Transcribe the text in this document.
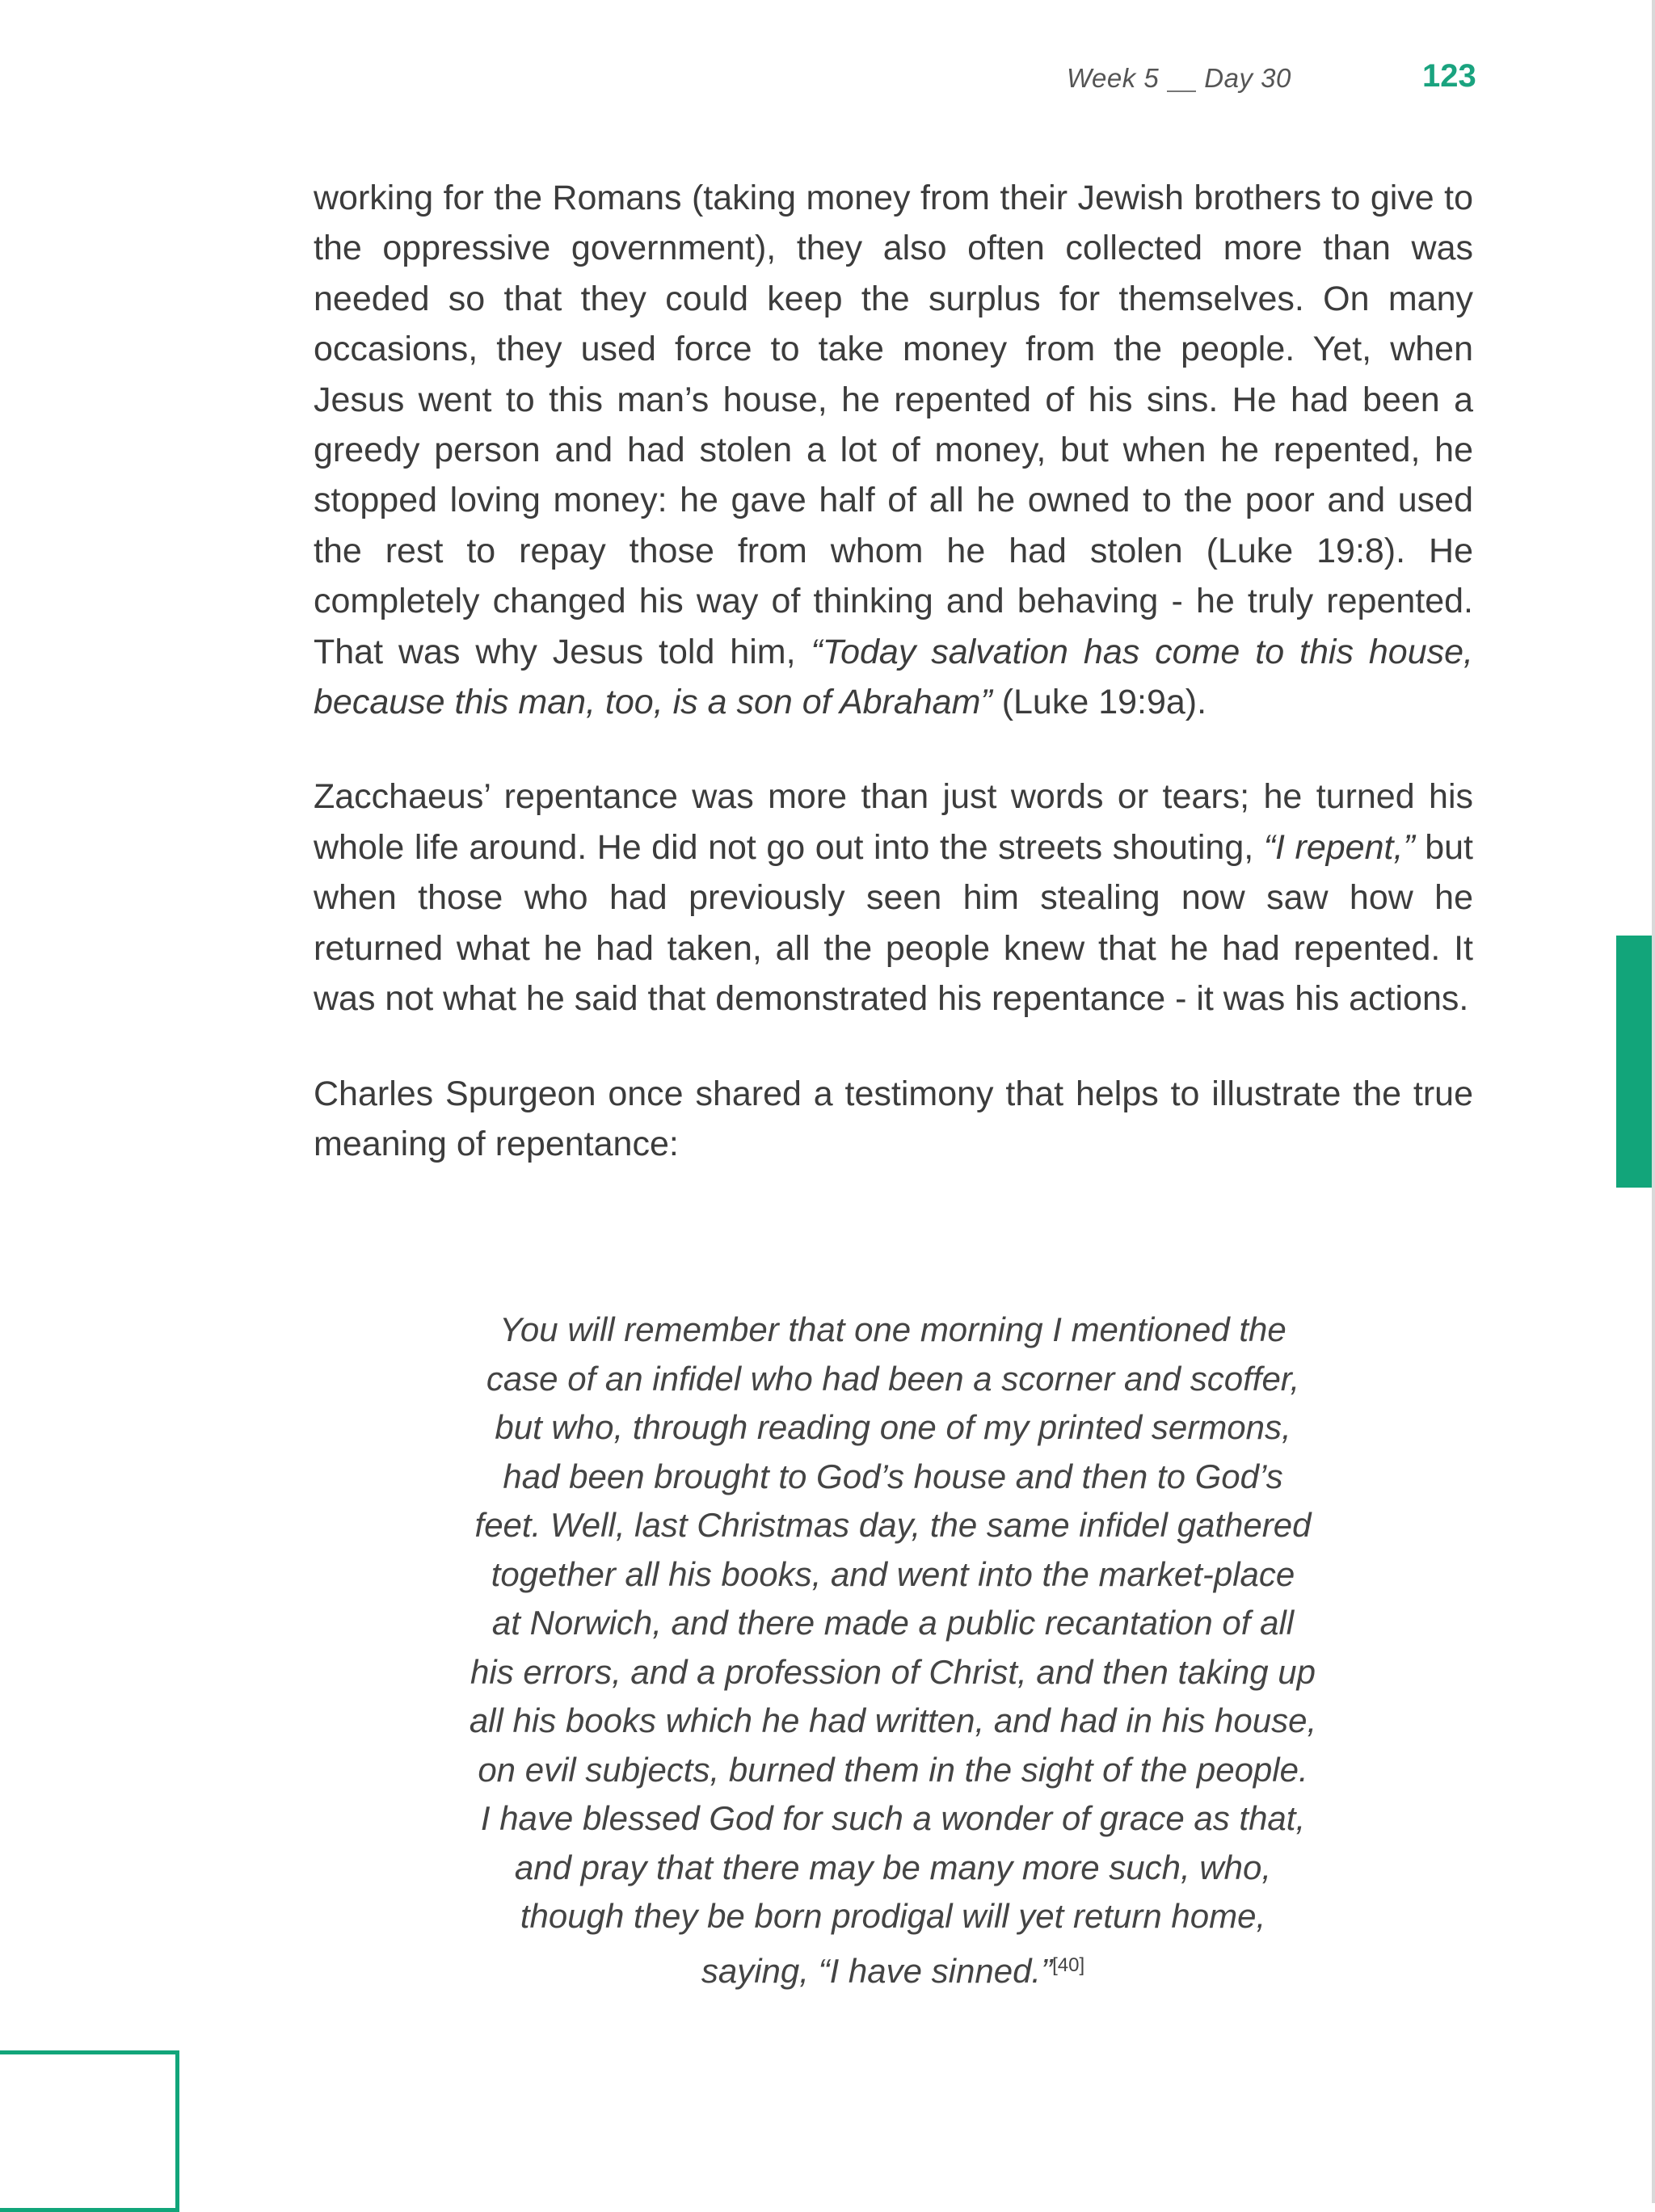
Week 5 Day 30	123

working for the Romans (taking money from their Jewish brothers to give to the oppressive government), they also often collected more than was needed so that they could keep the surplus for themselves. On many occasions, they used force to take money from the people. Yet, when Jesus went to this man’s house, he repented of his sins. He had been a greedy person and had stolen a lot of money, but when he repented, he stopped loving money: he gave half of all he owned to the poor and used the rest to repay those from whom he had stolen (Luke 19:8). He completely changed his way of thinking and behaving - he truly repented. That was why Jesus told him, “Today salvation has come to this house, because this man, too, is a son of Abraham” (Luke 19:9a).

Zacchaeus’ repentance was more than just words or tears; he turned his whole life around. He did not go out into the streets shouting, “I repent,” but when those who had previously seen him stealing now saw how he returned what he had taken, all the people knew that he had repented. It was not what he said that demonstrated his repentance - it was his actions.

Charles Spurgeon once shared a testimony that helps to illustrate the true meaning of repentance:

You will remember that one morning I mentioned the
case of an infidel who had been a scorner and scoffer,
but who, through reading one of my printed sermons,
had been brought to God’s house and then to God’s
feet. Well, last Christmas day, the same infidel gathered
together all his books, and went into the market-place
at Norwich, and there made a public recantation of all
his errors, and a profession of Christ, and then taking up
all his books which he had written, and had in his house,
on evil subjects, burned them in the sight of the people.
I have blessed God for such a wonder of grace as that,
and pray that there may be many more such, who,
though they be born prodigal will yet return home,
saying, “I have sinned.”[40]
